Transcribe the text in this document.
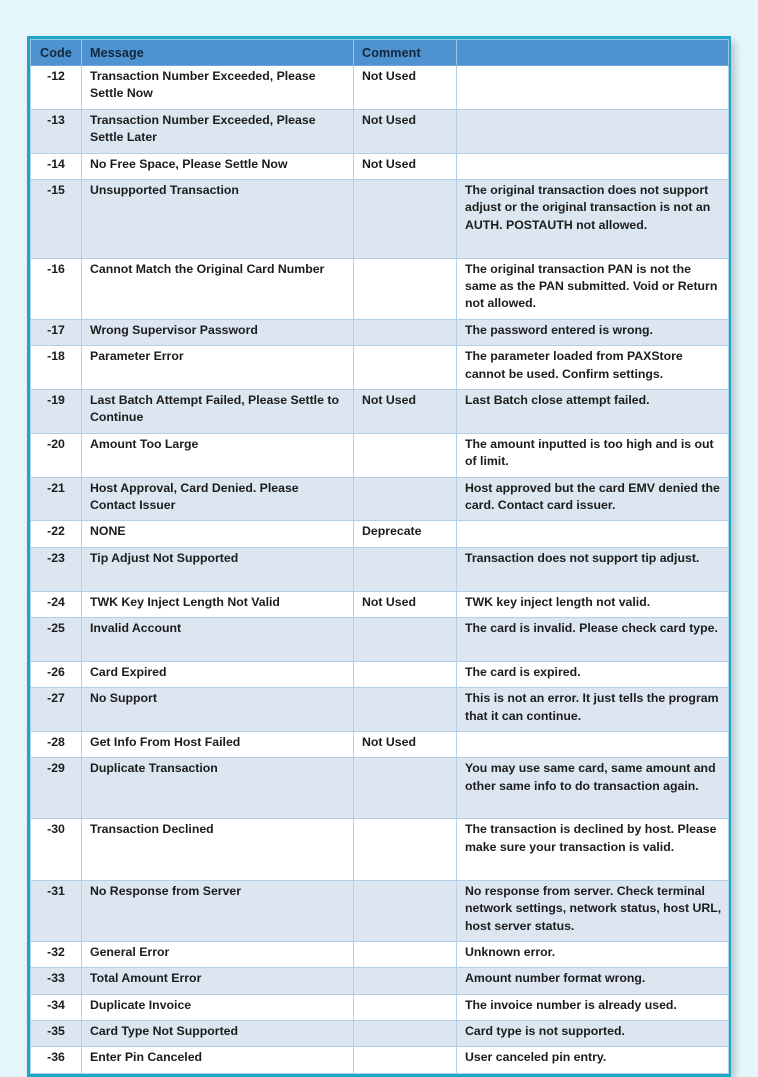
Code	Message	Comment	
-12	Transaction Number Exceeded, Please Settle Now	Not Used	
-13	Transaction Number Exceeded, Please Settle Later	Not Used	
-14	No Free Space, Please Settle Now	Not Used	
-15	Unsupported Transaction		The original transaction does not support adjust or the original transaction is not an AUTH. POSTAUTH not allowed.
-16	Cannot Match the Original Card Number		The original transaction PAN is not the same as the PAN submitted. Void or Return not allowed.
-17	Wrong Supervisor Password		The password entered is wrong.
-18	Parameter Error		The parameter loaded from PAXStore cannot be used. Confirm settings.
-19	Last Batch Attempt Failed, Please Settle to Continue	Not Used	Last Batch close attempt failed.
-20	Amount Too Large		The amount inputted is too high and is out of limit.
-21	Host Approval, Card Denied. Please Contact Issuer		Host approved but the card EMV denied the card. Contact card issuer.
-22	NONE	Deprecate	
-23	Tip Adjust Not Supported		Transaction does not support tip adjust.
-24	TWK Key Inject Length Not Valid	Not Used	TWK key inject length not valid.
-25	Invalid Account		The card is invalid. Please check card type.
-26	Card Expired		The card is expired.
-27	No Support		This is not an error. It just tells the program that it can continue.
-28	Get Info From Host Failed	Not Used	
-29	Duplicate Transaction		You may use same card, same amount and other same info to do transaction again.
-30	Transaction Declined		The transaction is declined by host. Please make sure your transaction is valid.
-31	No Response from Server		No response from server. Check terminal network settings, network status, host URL, host server status.
-32	General Error		Unknown error.
-33	Total Amount Error		Amount number format wrong.
-34	Duplicate Invoice		The invoice number is already used.
-35	Card Type Not Supported		Card type is not supported.
-36	Enter Pin Canceled		User canceled pin entry.
